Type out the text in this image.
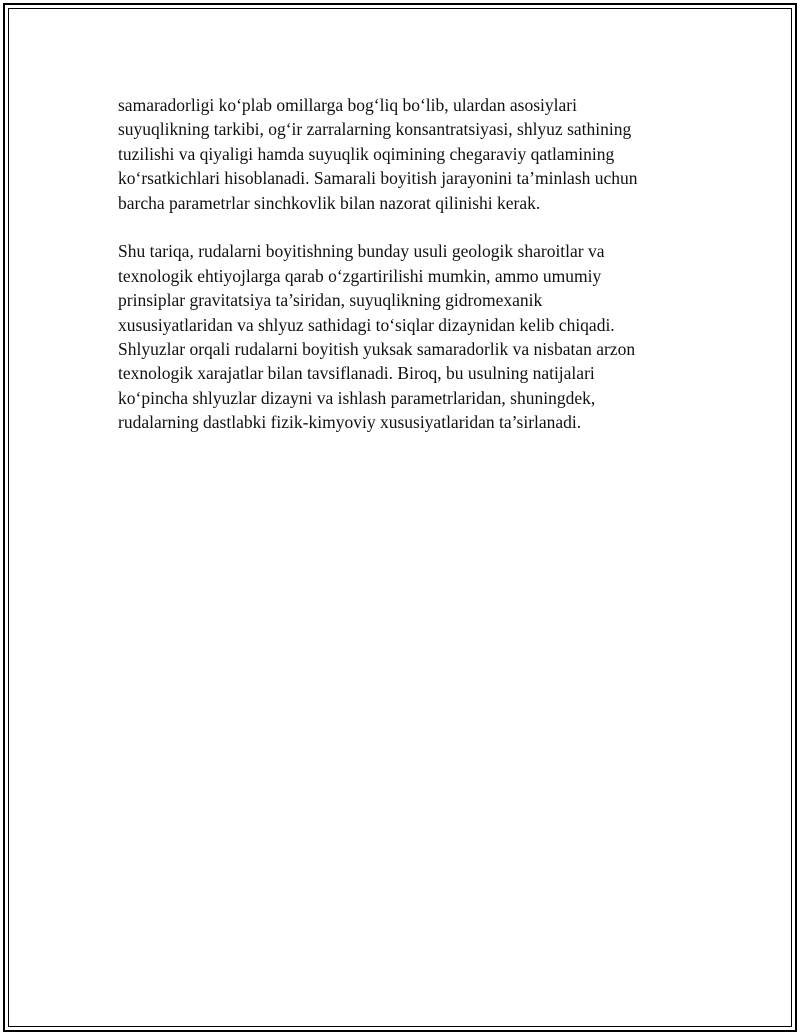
samaradorligi ko‘plab omillarga bog‘liq bo‘lib, ulardan asosiylari
suyuqlikning tarkibi, og‘ir zarralarning konsantratsiyasi, shlyuz sathining
tuzilishi va qiyaligi hamda suyuqlik oqimining chegaraviy qatlamining
ko‘rsatkichlari hisoblanadi. Samarali boyitish jarayonini ta’minlash uchun
barcha parametrlar sinchkovlik bilan nazorat qilinishi kerak.

Shu tariqa, rudalarni boyitishning bunday usuli geologik sharoitlar va
texnologik ehtiyojlarga qarab o‘zgartirilishi mumkin, ammo umumiy
prinsiplar gravitatsiya ta’siridan, suyuqlikning gidromexanik
xususiyatlaridan va shlyuz sathidagi to‘siqlar dizaynidan kelib chiqadi.
Shlyuzlar orqali rudalarni boyitish yuksak samaradorlik va nisbatan arzon
texnologik xarajatlar bilan tavsiflanadi. Biroq, bu usulning natijalari
ko‘pincha shlyuzlar dizayni va ishlash parametrlaridan, shuningdek,
rudalarning dastlabki fizik-kimyoviy xususiyatlaridan ta’sirlanadi.
